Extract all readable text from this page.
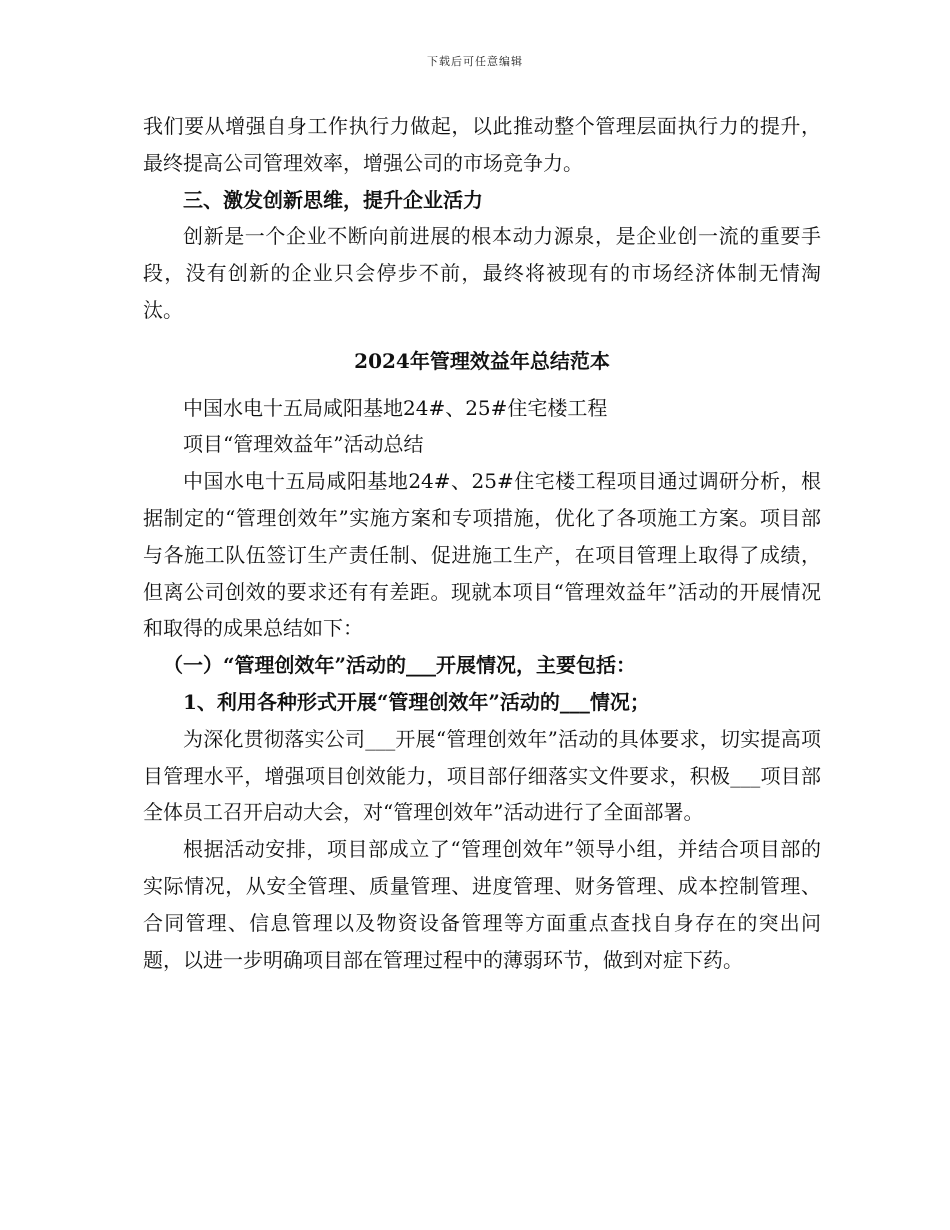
下载后可任意编辑

我们要从增强自身工作执行力做起，以此推动整个管理层面执行力的提升，最终提高公司管理效率，增强公司的市场竞争力。

三、激发创新思维，提升企业活力

创新是一个企业不断向前进展的根本动力源泉，是企业创一流的重要手段，没有创新的企业只会停步不前，最终将被现有的市场经济体制无情淘汰。

2024年管理效益年总结范本

中国水电十五局咸阳基地24#、25#住宅楼工程

项目“管理效益年”活动总结

中国水电十五局咸阳基地24#、25#住宅楼工程项目通过调研分析，根据制定的“管理创效年”实施方案和专项措施，优化了各项施工方案。项目部与各施工队伍签订生产责任制、促进施工生产，在项目管理上取得了成绩，但离公司创效的要求还有有差距。现就本项目“管理效益年”活动的开展情况和取得的成果总结如下：

（一）“管理创效年”活动的___开展情况，主要包括：

1、利用各种形式开展“管理创效年”活动的___情况；

为深化贯彻落实公司___开展“管理创效年”活动的具体要求，切实提高项目管理水平，增强项目创效能力，项目部仔细落实文件要求，积极___项目部全体员工召开启动大会，对“管理创效年”活动进行了全面部署。

根据活动安排，项目部成立了“管理创效年”领导小组，并结合项目部的实际情况，从安全管理、质量管理、进度管理、财务管理、成本控制管理、合同管理、信息管理以及物资设备管理等方面重点查找自身存在的突出问题，以进一步明确项目部在管理过程中的薄弱环节，做到对症下药。
